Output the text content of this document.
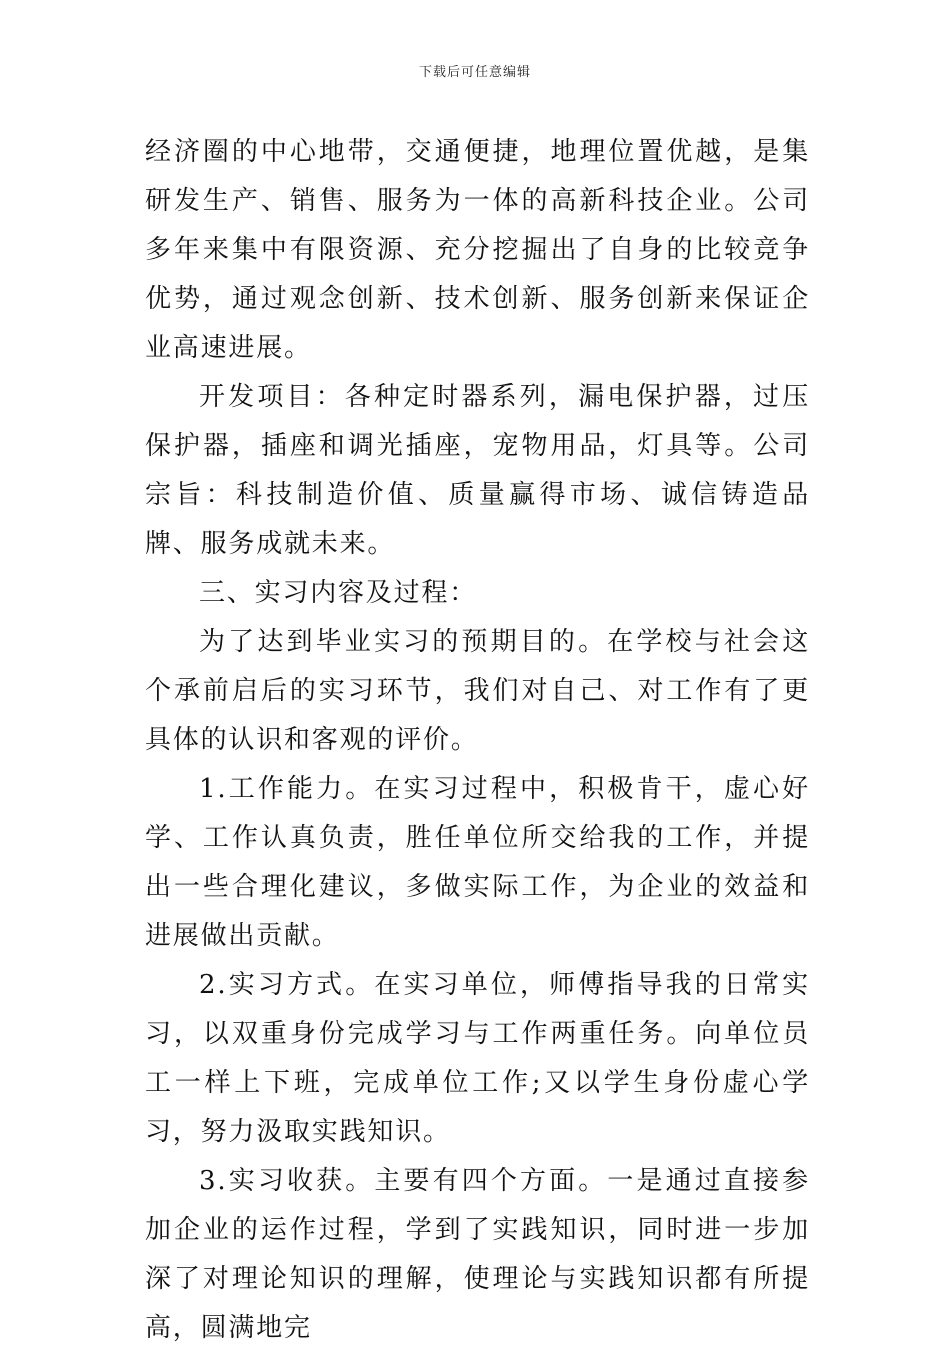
下载后可任意编辑

经济圈的中心地带，交通便捷，地理位置优越，是集研发生产、销售、服务为一体的高新科技企业。公司多年来集中有限资源、充分挖掘出了自身的比较竞争优势，通过观念创新、技术创新、服务创新来保证企业高速进展。

开发项目：各种定时器系列，漏电保护器，过压保护器，插座和调光插座，宠物用品，灯具等。公司宗旨：科技制造价值、质量赢得市场、诚信铸造品牌、服务成就未来。

三、实习内容及过程：

为了达到毕业实习的预期目的。在学校与社会这个承前启后的实习环节，我们对自己、对工作有了更具体的认识和客观的评价。

1.工作能力。在实习过程中，积极肯干，虚心好学、工作认真负责，胜任单位所交给我的工作，并提出一些合理化建议，多做实际工作，为企业的效益和进展做出贡献。

2.实习方式。在实习单位，师傅指导我的日常实习，以双重身份完成学习与工作两重任务。向单位员工一样上下班，完成单位工作;又以学生身份虚心学习，努力汲取实践知识。

3.实习收获。主要有四个方面。一是通过直接参加企业的运作过程，学到了实践知识，同时进一步加深了对理论知识的理解，使理论与实践知识都有所提高，圆满地完
